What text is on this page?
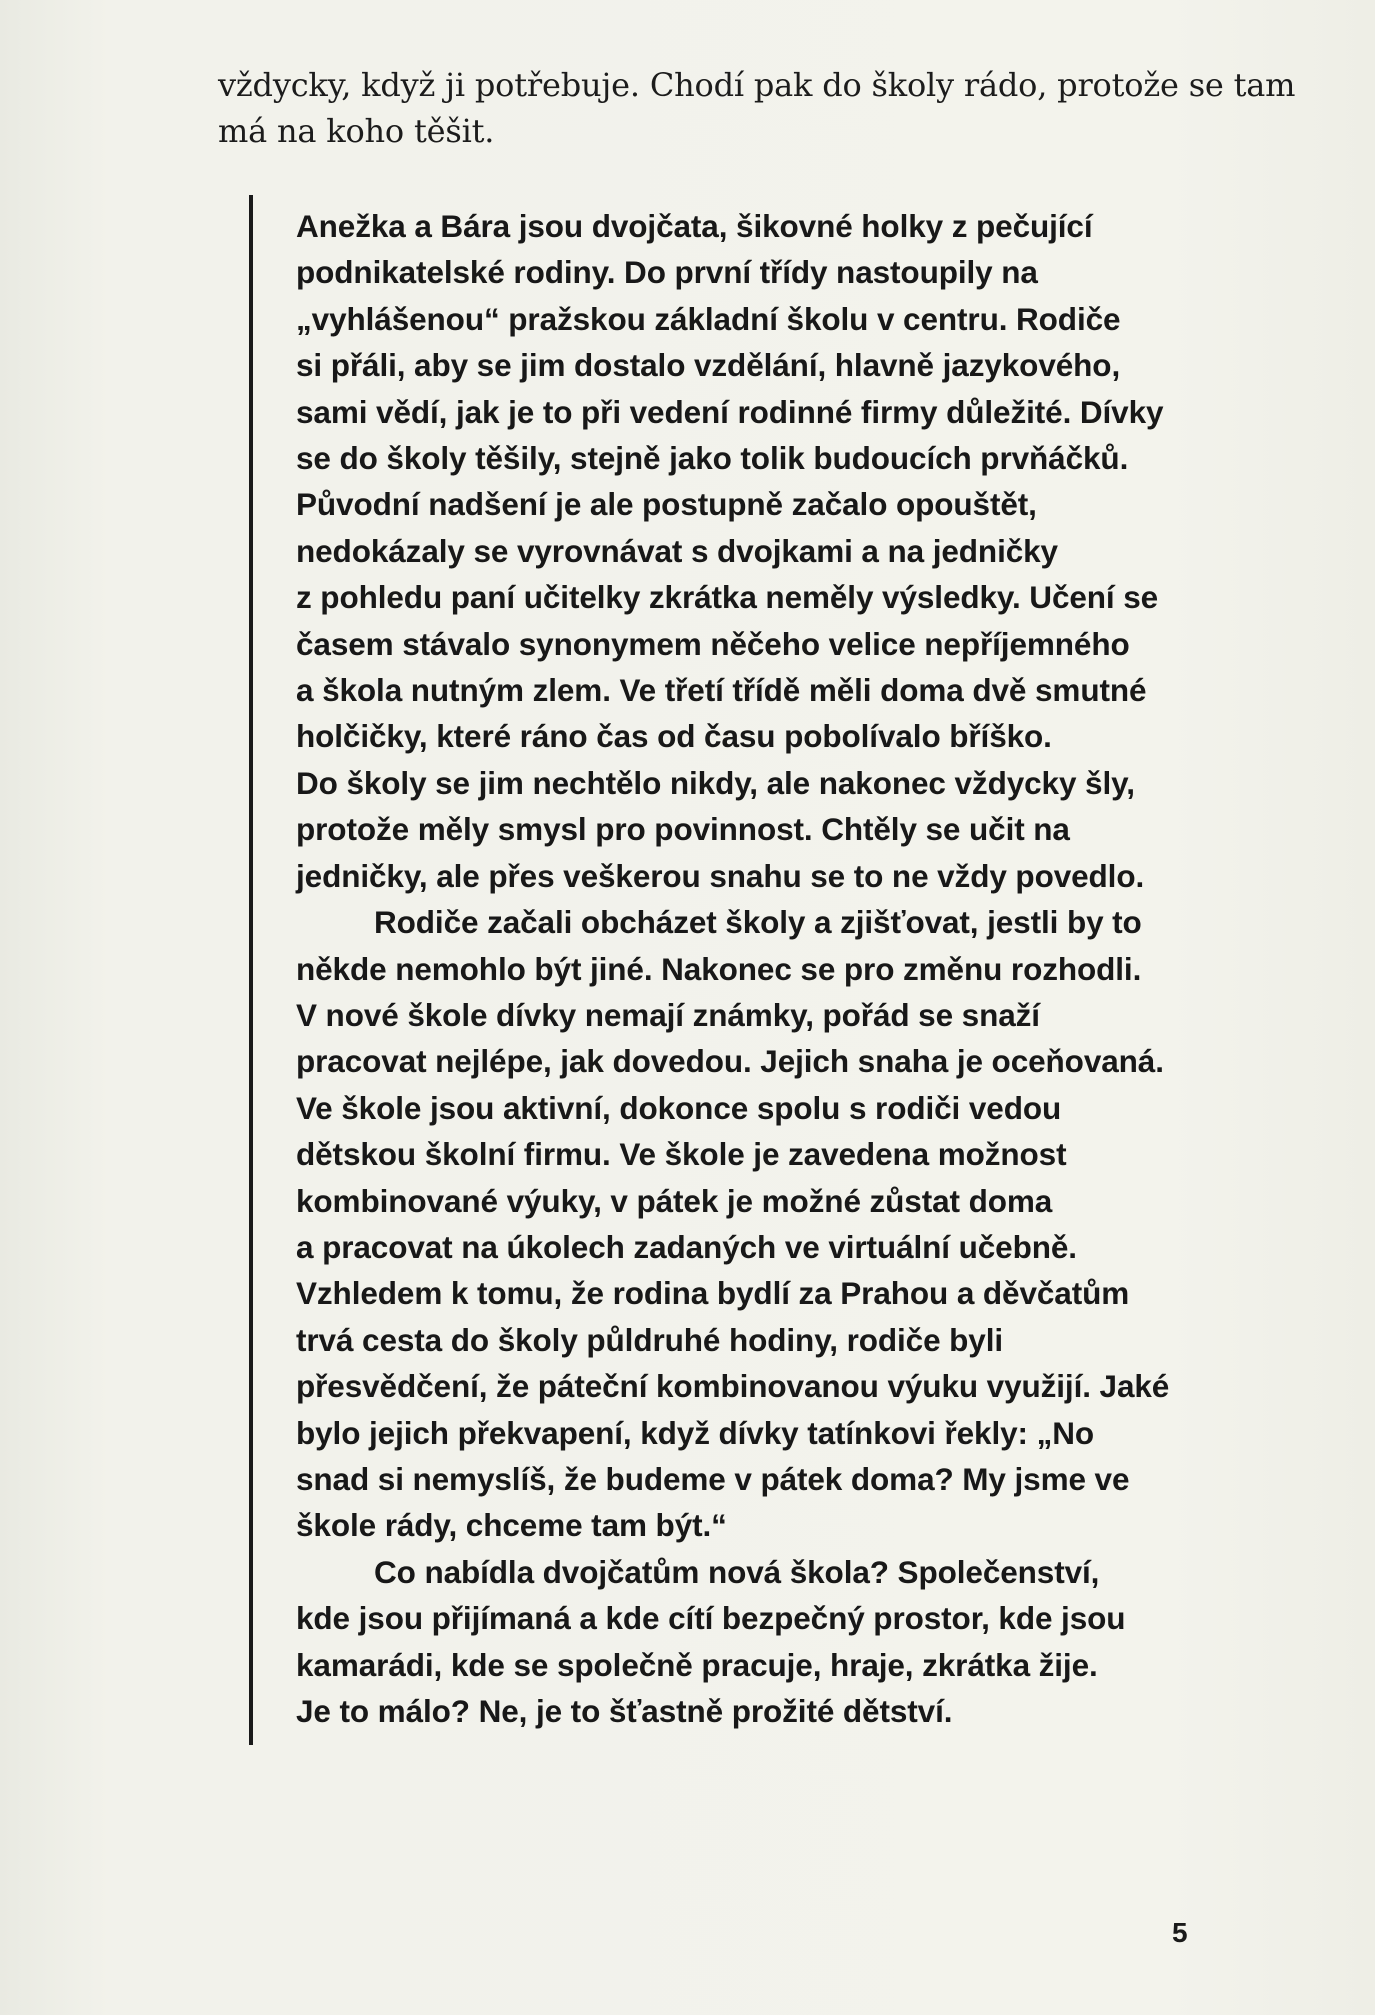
vždycky, když ji potřebuje. Chodí pak do školy rádo, protože se tam
má na koho těšit.
Anežka a Bára jsou dvojčata, šikovné holky z pečující
podnikatelské rodiny. Do první třídy nastoupily na
„vyhlášenou“ pražskou základní školu v centru. Rodiče
si přáli, aby se jim dostalo vzdělání, hlavně jazykového,
sami vědí, jak je to při vedení rodinné firmy důležité. Dívky
se do školy těšily, stejně jako tolik budoucích prvňáčků.
Původní nadšení je ale postupně začalo opouštět,
nedokázaly se vyrovnávat s dvojkami a na jedničky
z pohledu paní učitelky zkrátka neměly výsledky. Učení se
časem stávalo synonymem něčeho velice nepříjemného
a škola nutným zlem. Ve třetí třídě měli doma dvě smutné
holčičky, které ráno čas od času pobolívalo bříško.
Do školy se jim nechtělo nikdy, ale nakonec vždycky šly,
protože měly smysl pro povinnost. Chtěly se učit na
jedničky, ale přes veškerou snahu se to ne vždy povedlo.
Rodiče začali obcházet školy a zjišťovat, jestli by to
někde nemohlo být jiné. Nakonec se pro změnu rozhodli.
V nové škole dívky nemají známky, pořád se snaží
pracovat nejlépe, jak dovedou. Jejich snaha je oceňovaná.
Ve škole jsou aktivní, dokonce spolu s rodiči vedou
dětskou školní firmu. Ve škole je zavedena možnost
kombinované výuky, v pátek je možné zůstat doma
a pracovat na úkolech zadaných ve virtuální učebně.
Vzhledem k tomu, že rodina bydlí za Prahou a děvčatům
trvá cesta do školy půldruhé hodiny, rodiče byli
přesvědčení, že páteční kombinovanou výuku využijí. Jaké
bylo jejich překvapení, když dívky tatínkovi řekly: „No
snad si nemyslíš, že budeme v pátek doma? My jsme ve
škole rády, chceme tam být.“
Co nabídla dvojčatům nová škola? Společenství,
kde jsou přijímaná a kde cítí bezpečný prostor, kde jsou
kamarádi, kde se společně pracuje, hraje, zkrátka žije.
Je to málo? Ne, je to šťastně prožité dětství.
5
